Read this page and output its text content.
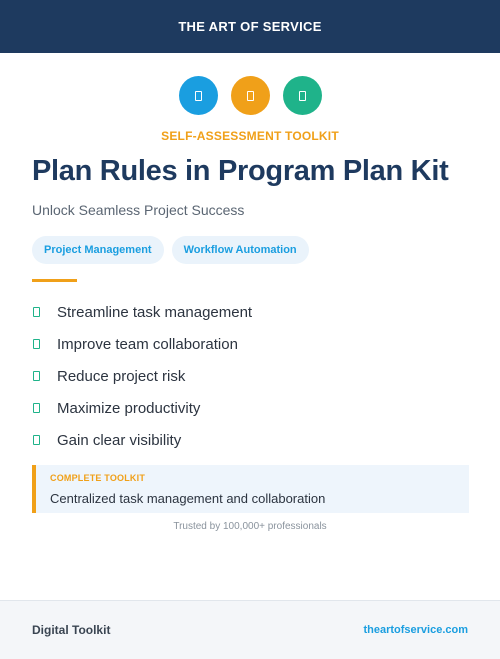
THE ART OF SERVICE
SELF-ASSESSMENT TOOLKIT
Plan Rules in Program Plan Kit

Unlock Seamless Project Success

Project Management	Workflow Automation
Streamline task management
Improve team collaboration
Reduce project risk
Maximize productivity
Gain clear visibility
COMPLETE TOOLKIT
Centralized task management and collaboration
Trusted by 100,000+ professionals
Digital Toolkit	theartofservice.com
